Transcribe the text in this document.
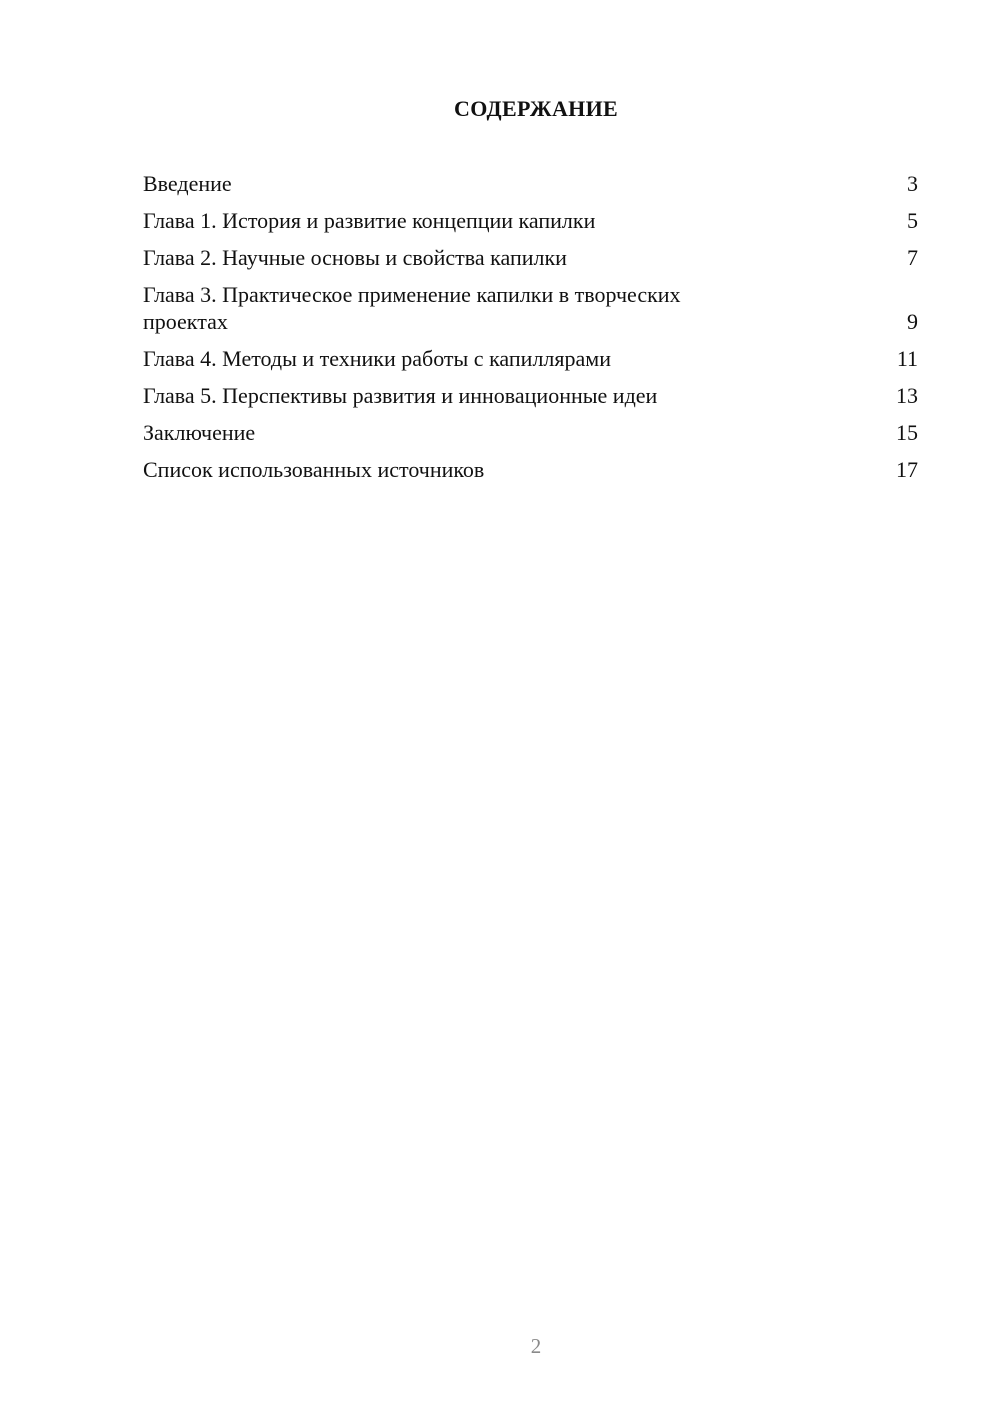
СОДЕРЖАНИЕ
Введение	3
Глава 1. История и развитие концепции капилки	5
Глава 2. Научные основы и свойства капилки	7
Глава 3. Практическое применение капилки в творческих проектах	9
Глава 4. Методы и техники работы с капиллярами	11
Глава 5. Перспективы развития и инновационные идеи	13
Заключение	15
Список использованных источников	17
2
